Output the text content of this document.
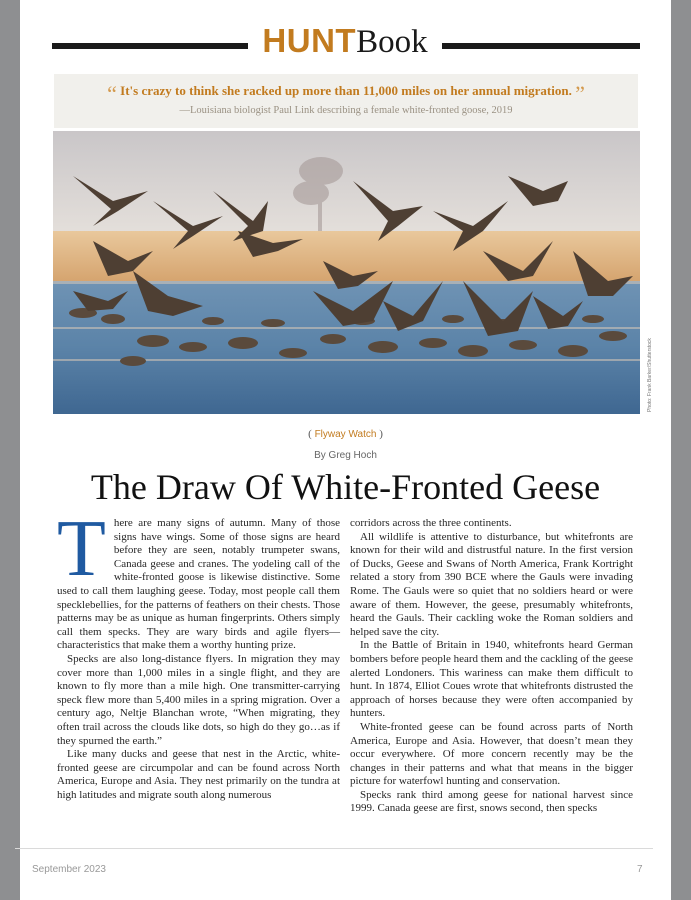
HUNTBook
“ It's crazy to think she racked up more than 11,000 miles on her annual migration. ”
—Louisiana biologist Paul Link describing a female white-fronted goose, 2019
Photo: Frank Barker/Shutterstock
( Flyway Watch )
By Greg Hoch
The Draw Of White-Fronted Geese

There are many signs of autumn. Many of those signs have wings. Some of those signs are heard before they are seen, notably trumpeter swans, Canada geese and cranes. The yodeling call of the white-fronted goose is likewise distinctive. Some used to call them laughing geese. Today, most people call them specklebellies, for the patterns of feathers on their chests. Those patterns may be as unique as human fingerprints. Others simply call them specks. They are wary birds and agile flyers—characteristics that make them a worthy hunting prize.

Specks are also long-distance flyers. In migration they may cover more than 1,000 miles in a single flight, and they are known to fly more than a mile high. One transmitter-carrying speck flew more than 5,400 miles in a spring migration. Over a century ago, Neltje Blanchan wrote, “When migrating, they often trail across the clouds like dots, so high do they go…as if they spurned the earth.”

Like many ducks and geese that nest in the Arctic, white-fronted geese are circumpolar and can be found across North America, Europe and Asia. They nest primarily on the tundra at high latitudes and migrate south along numerous

corridors across the three continents.

All wildlife is attentive to disturbance, but whitefronts are known for their wild and distrustful nature. In the first version of Ducks, Geese and Swans of North America, Frank Kortright related a story from 390 BCE where the Gauls were invading Rome. The Gauls were so quiet that no soldiers heard or were aware of them. However, the geese, presumably whitefronts, heard the Gauls. Their cackling woke the Roman soldiers and helped save the city.

In the Battle of Britain in 1940, whitefronts heard German bombers before people heard them and the cackling of the geese alerted Londoners. This wariness can make them difficult to hunt. In 1874, Elliot Coues wrote that whitefronts distrusted the approach of horses because they were often accompanied by hunters.

White-fronted geese can be found across parts of North America, Europe and Asia. However, that doesn’t mean they occur everywhere. Of more concern recently may be the changes in their patterns and what that means in the bigger picture for waterfowl hunting and conservation.

Specks rank third among geese for national harvest since 1999. Canada geese are first, snows second, then specks

September 2023	7
